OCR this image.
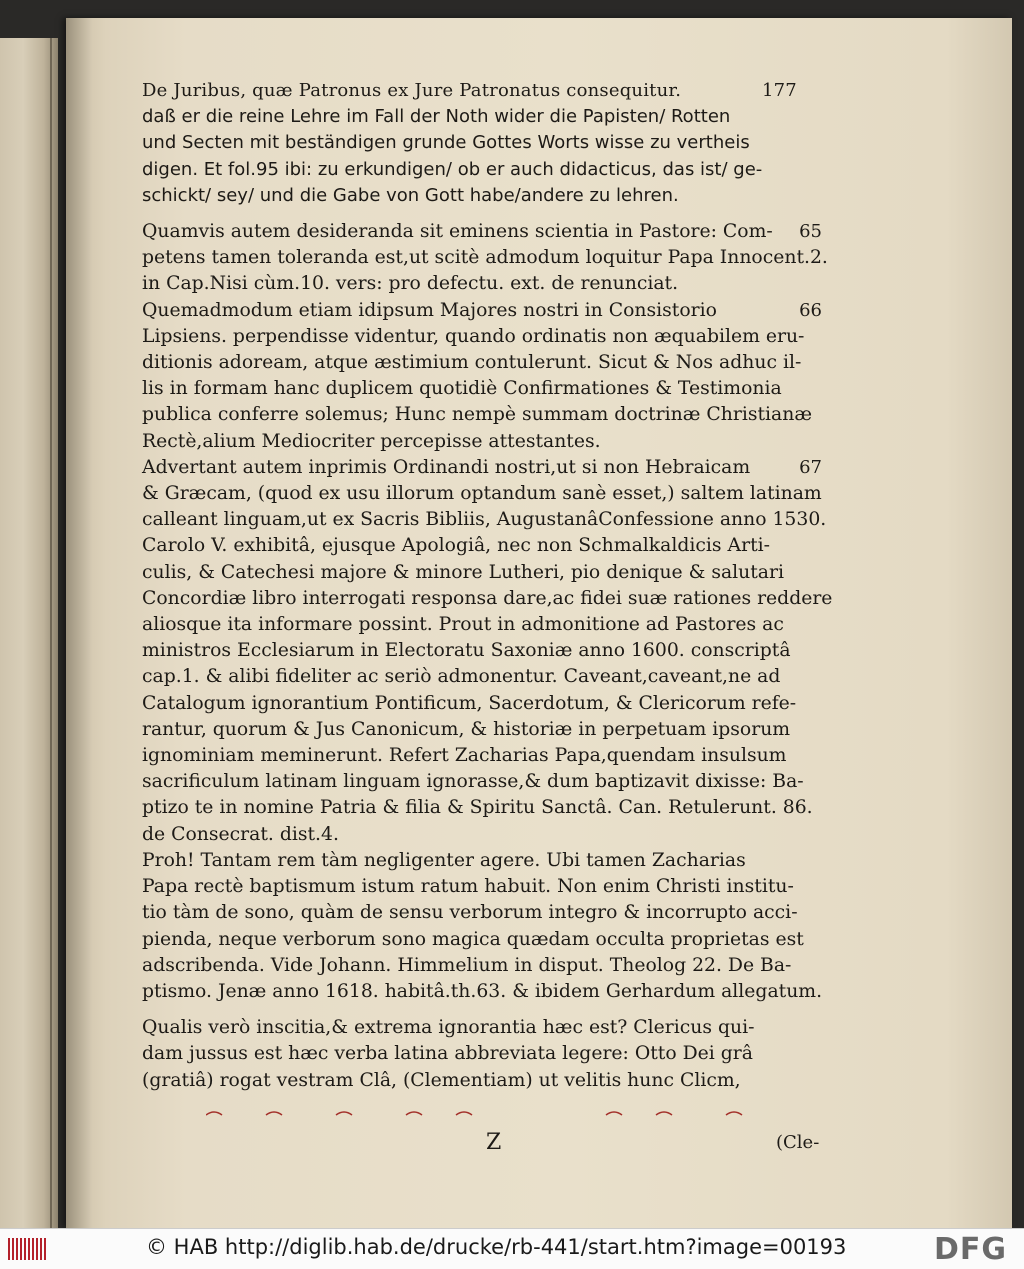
De Juribus, quæ Patronus ex Jure Patronatus consequitur.	177
daß er die reine Lehre im Fall der Noth wider die Papisten/ Rotten
und Secten mit beständigen grunde Gottes Worts wisse zu vertheis
digen. Et fol.95 ibi: zu erkundigen/ ob er auch didacticus, das ist/ ge-
schickt/ sey/ und die Gabe von Gott habe/andere zu lehren.
Quamvis autem desideranda sit eminens scientia in Pastore: Com- 65
petens tamen toleranda est,ut scitè admodum loquitur Papa Innocent.2.
in Cap.Nisi cùm.10. vers: pro defectu. ext. de renunciat.
Quemadmodum etiam idipsum Majores nostri in Consistorio	66
Lipsiens. perpendisse videntur, quando ordinatis non æquabilem eru-
ditionis adoream, atque æstimium contulerunt. Sicut & Nos adhuc il-
lis in formam hanc duplicem quotidiè Confirmationes & Testimonia
publica conferre solemus; Hunc nempè summam doctrinæ Christianæ
Rectè,alium Mediocriter percepisse attestantes.
Advertant autem inprimis Ordinandi nostri,ut si non Hebraicam	67
& Græcam, (quod ex usu illorum optandum sanè esset,) saltem latinam
calleant linguam,ut ex Sacris Bibliis, AugustanâConfessione anno 1530.
Carolo V. exhibitâ, ejusque Apologiâ, nec non Schmalkaldicis Arti-
culis, & Catechesi majore & minore Lutheri, pio denique & salutari
Concordiæ libro interrogati responsa dare,ac fidei suæ rationes reddere
aliosque ita informare possint. Prout in admonitione ad Pastores ac
ministros Ecclesiarum in Electoratu Saxoniæ anno 1600. conscriptâ
cap.1. & alibi fideliter ac seriò admonentur. Caveant,caveant,ne ad
Catalogum ignorantium Pontificum, Sacerdotum, & Clericorum refe-
rantur, quorum & Jus Canonicum, & historiæ in perpetuam ipsorum
ignominiam meminerunt. Refert Zacharias Papa,quendam insulsum
sacrificulum latinam linguam ignorasse,& dum baptizavit dixisse: Ba-
ptizo te in nomine Patria & filia & Spiritu Sanctâ. Can. Retulerunt. 86.
de Consecrat. dist.4.
Proh! Tantam rem tàm negligenter agere. Ubi tamen Zacharias
Papa rectè baptismum istum ratum habuit. Non enim Christi institu-
tio tàm de sono, quàm de sensu verborum integro & incorrupto acci-
pienda, neque verborum sono magica quædam occulta proprietas est
adscribenda. Vide Johann. Himmelium in disput. Theolog 22. De Ba-
ptismo. Jenæ anno 1618. habitâ.th.63. & ibidem Gerhardum allegatum.
Qualis verò inscitia,& extrema ignorantia hæc est? Clericus qui-
dam jussus est hæc verba latina abbreviata legere: Otto Dei grâ
(gratiâ) rogat vestram Clâ, (Clementiam) ut velitis hunc Clicm,
Z	(Cle-
© HAB http://diglib.hab.de/drucke/rb-441/start.htm?image=00193	DFG
